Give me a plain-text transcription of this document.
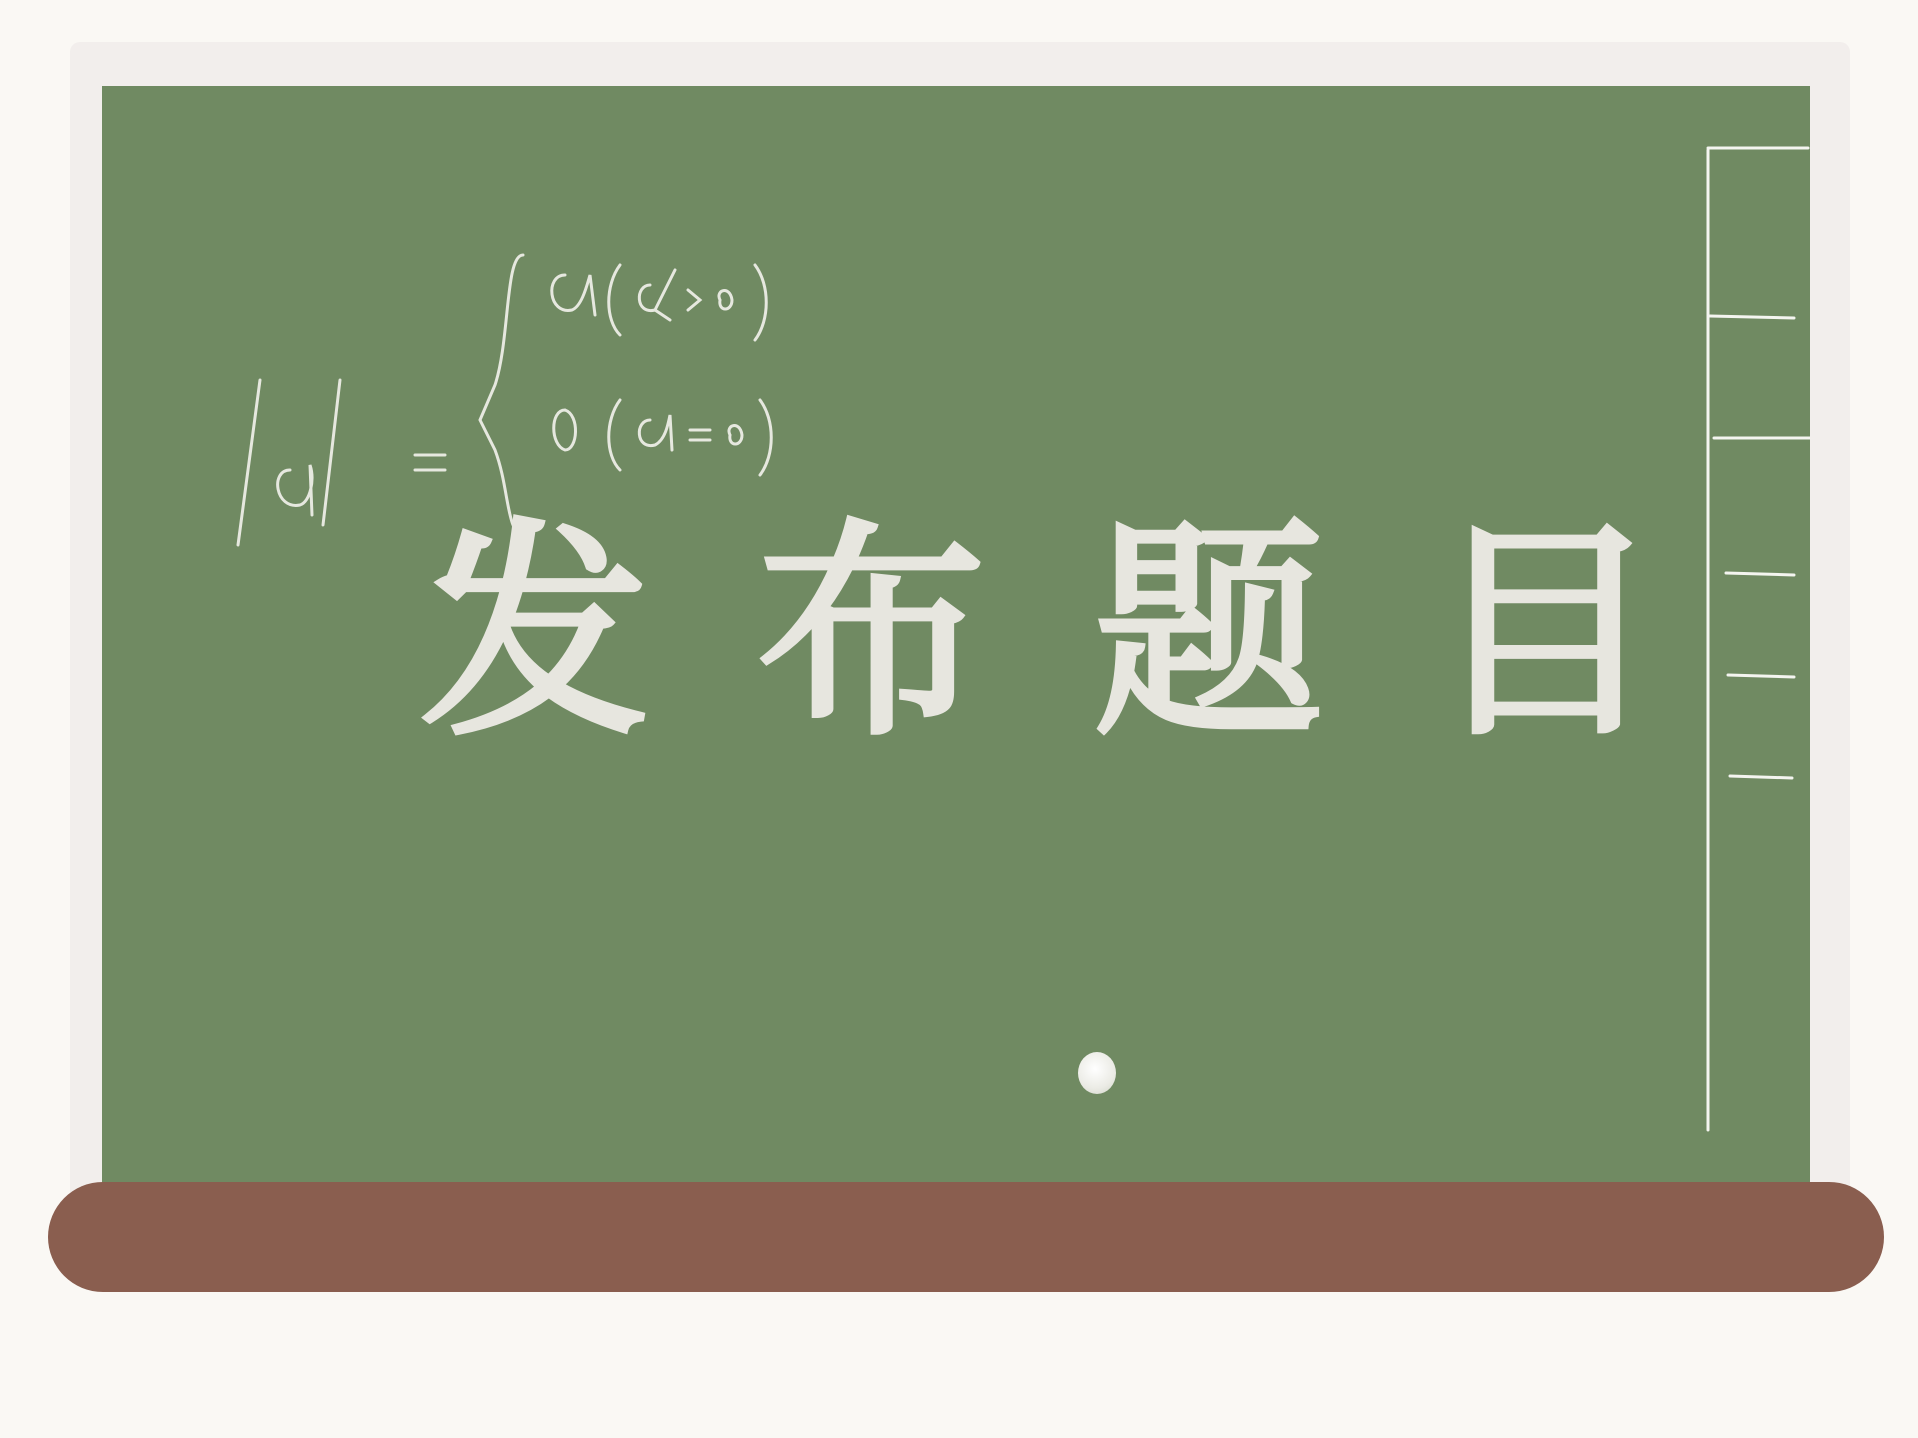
发 布 题 目
